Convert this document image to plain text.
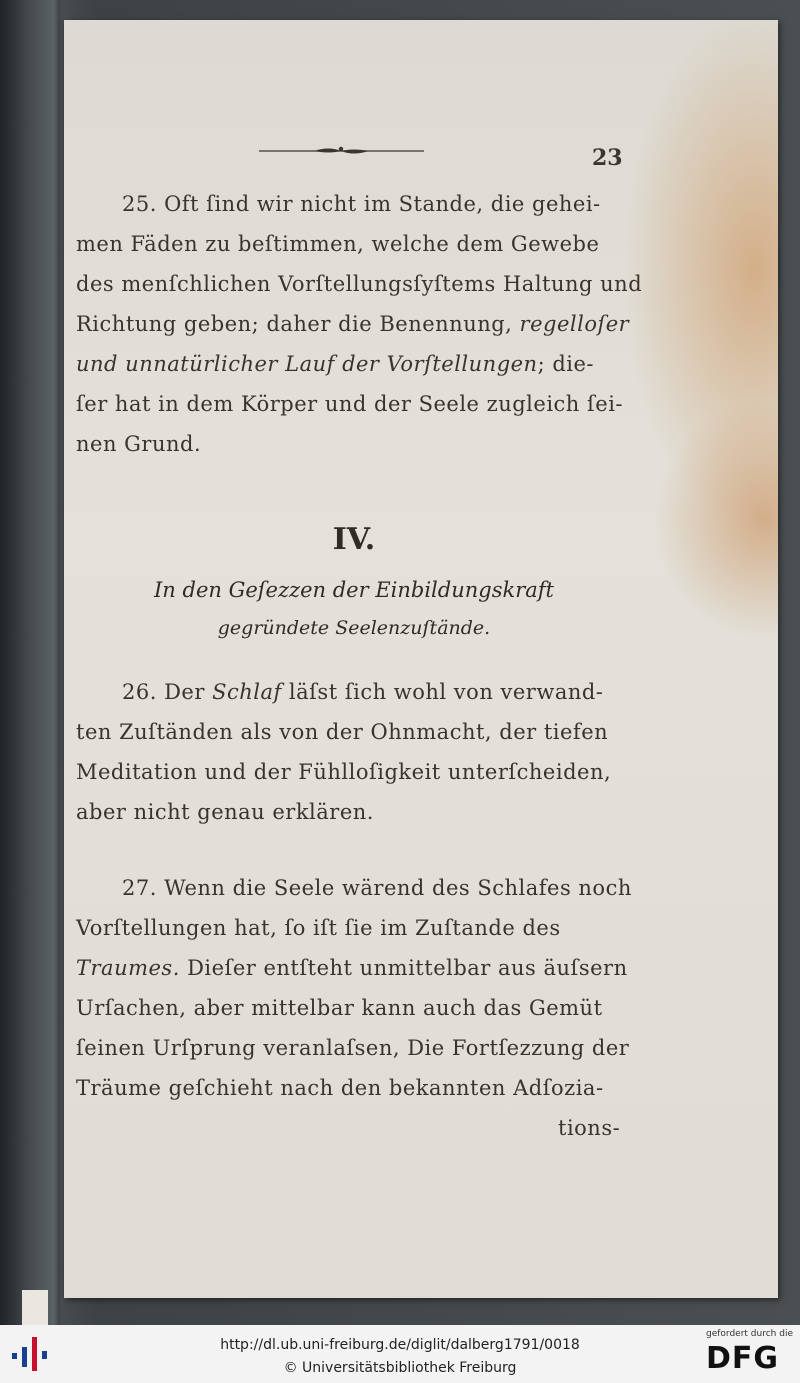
23
25. Oft ſind wir nicht im Stande, die gehei-
men Fäden zu beſtimmen, welche dem Gewebe
des menſchlichen Vorſtellungsſyſtems Haltung und
Richtung geben; daher die Benennung, regelloſer
und unnatürlicher Lauf der Vorſtellungen; die-
ſer hat in dem Körper und der Seele zugleich ſei-
nen Grund.
IV.
In den Geſezzen der Einbildungskraft
gegründete Seelenzuſtände.
26. Der Schlaf läſst ſich wohl von verwand-
ten Zuſtänden als von der Ohnmacht, der tiefen
Meditation und der Fühlloſigkeit unterſcheiden,
aber nicht genau erklären.
27. Wenn die Seele wärend des Schlafes noch
Vorſtellungen hat, ſo iſt ſie im Zuſtande des
Traumes. Dieſer entſteht unmittelbar aus äuſsern
Urſachen, aber mittelbar kann auch das Gemüt
ſeinen Urſprung veranlaſsen, Die Fortſezzung der
Träume geſchieht nach den bekannten Adſozia-
tions-
http://dl.ub.uni-freiburg.de/diglit/dalberg1791/0018
© Universitätsbibliothek Freiburg
gefordert durch die
DFG
